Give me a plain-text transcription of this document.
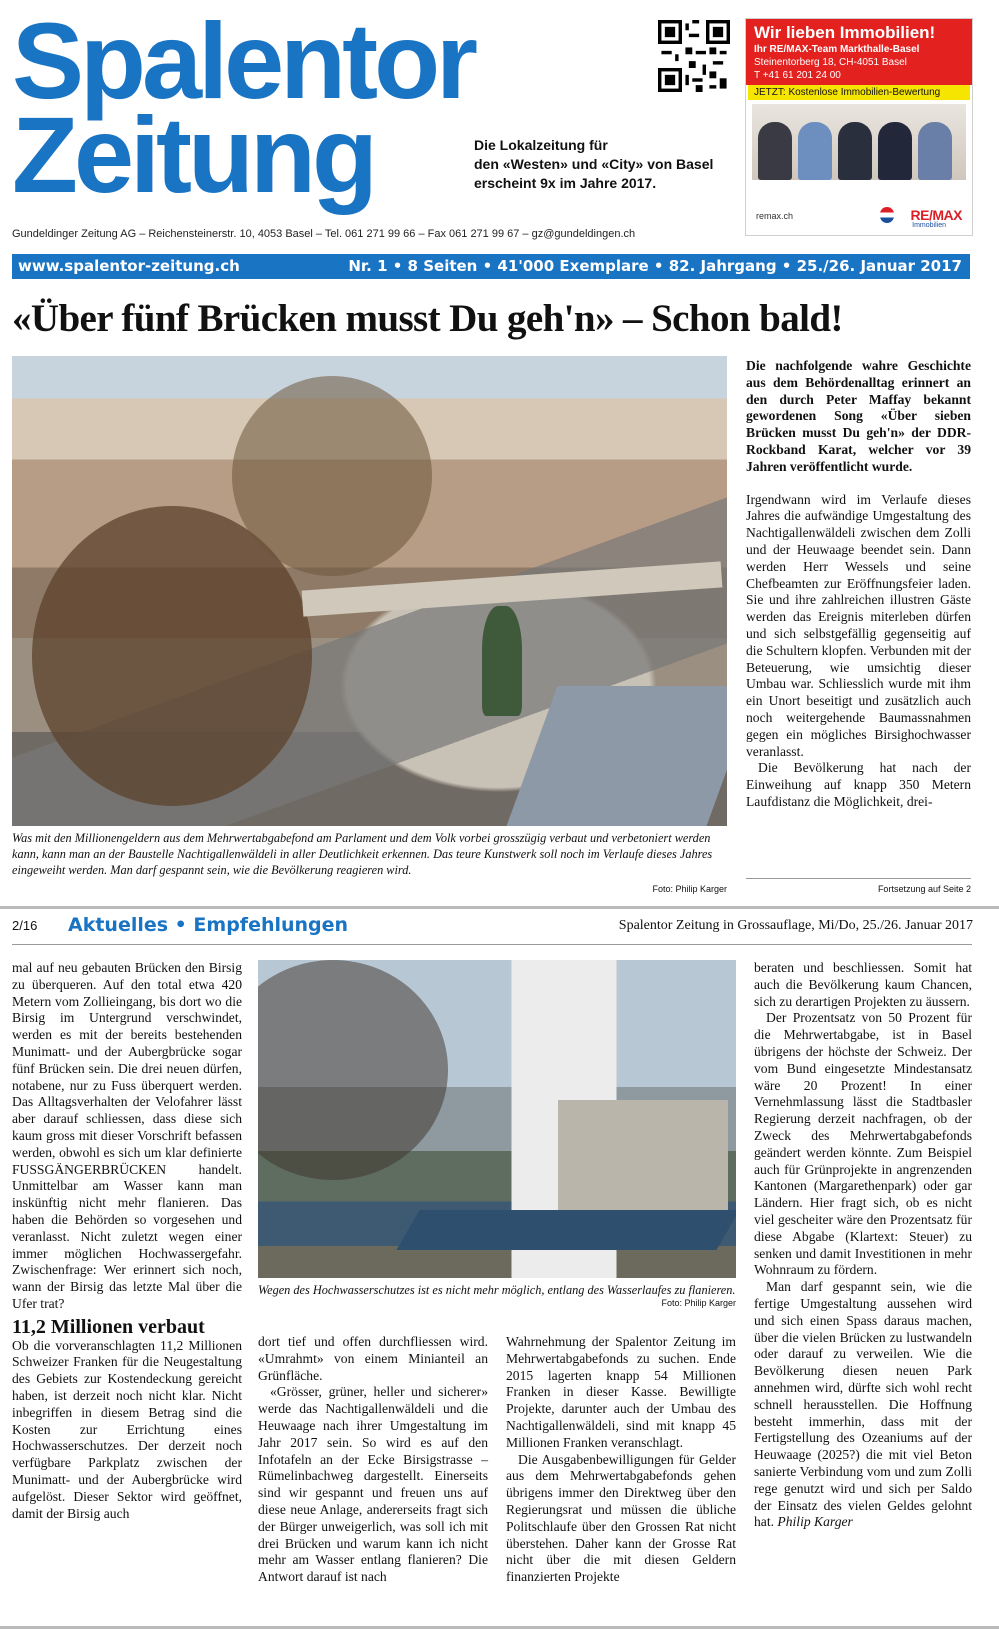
Spalentor
Zeitung	Die Lokalzeitung für
den «Westen» und «City» von Basel
erscheint 9x im Jahre 2017.
Wir lieben Immobilien!
Ihr RE/MAX-Team Markthalle-Basel
Steinentorberg 18, CH-4051 Basel
T +41 61 201 24 00
JETZT: Kostenlose Immobilien-Bewertung
remax.ch	RE/MAX
Immobilien
Gundeldinger Zeitung AG – Reichensteinerstr. 10, 4053 Basel – Tel. 061 271 99 66 – Fax 061 271 99 67 – gz@gundeldingen.ch
www.spalentor-zeitung.ch	Nr. 1 • 8 Seiten • 41'000 Exemplare • 82. Jahrgang • 25./26. Januar 2017
«Über fünf Brücken musst Du geh'n» – Schon bald!
Was mit den Millionengeldern aus dem Mehrwertabgabefond am Parlament und dem Volk vorbei grosszügig verbaut und verbetoniert werden kann, kann man an der Baustelle Nachtigallenwäldeli in aller Deutlichkeit erkennen. Das teure Kunstwerk soll noch im Verlaufe dieses Jahres eingeweiht werden. Man darf gespannt sein, wie die Bevölkerung reagieren wird.
Foto: Philip Karger

Die nachfolgende wahre Geschichte aus dem Behördenalltag erinnert an den durch Peter Maffay bekannt gewordenen Song «Über sieben Brücken musst Du geh'n» der DDR-Rockband Karat, welcher vor 39 Jahren veröffentlicht wurde.

Irgendwann wird im Verlaufe dieses Jahres die aufwändige Umgestaltung des Nachtigallenwäldeli zwischen dem Zolli und der Heuwaage beendet sein. Dann werden Herr Wessels und seine Chefbeamten zur Eröffnungsfeier laden. Sie und ihre zahlreichen illustren Gäste werden das Ereignis miterleben dürfen und sich selbstgefällig gegenseitig auf die Schultern klopfen. Verbunden mit der Beteuerung, wie umsichtig dieser Umbau war. Schliesslich wurde mit ihm ein Unort beseitigt und zusätzlich auch noch weitergehende Baumassnahmen gegen ein mögliches Birsighochwasser veranlasst.

Die Bevölkerung hat nach der Einweihung auf knapp 350 Metern Laufdistanz die Möglichkeit, drei-

Fortsetzung auf Seite 2
2/16 Aktuelles • Empfehlungen	Spalentor Zeitung in Grossauflage, Mi/Do, 25./26. Januar 2017

mal auf neu gebauten Brücken den Birsig zu überqueren. Auf den total etwa 420 Metern vom Zollieingang, bis dort wo die Birsig im Untergrund verschwindet, werden es mit der bereits bestehenden Munimatt- und der Aubergbrücke sogar fünf Brücken sein. Die drei neuen dürfen, notabene, nur zu Fuss überquert werden. Das Alltagsverhalten der Velofahrer lässt aber darauf schliessen, dass diese sich kaum gross mit dieser Vorschrift befassen werden, obwohl es sich um klar definierte FUSSGÄNGERBRÜCKEN handelt. Unmittelbar am Wasser kann man inskünftig nicht mehr flanieren. Das haben die Behörden so vorgesehen und veranlasst. Nicht zuletzt wegen einer immer möglichen Hochwassergefahr. Zwischenfrage: Wer erinnert sich noch, wann der Birsig das letzte Mal über die Ufer trat?

11,2 Millionen verbaut

Ob die vorveranschlagten 11,2 Millionen Schweizer Franken für die Neugestaltung des Gebiets zur Kostendeckung gereicht haben, ist derzeit noch nicht klar. Nicht inbegriffen in diesem Betrag sind die Kosten zur Errichtung eines Hochwasserschutzes. Der derzeit noch verfügbare Parkplatz zwischen der Munimatt- und der Aubergbrücke wird aufgelöst. Dieser Sektor wird geöffnet, damit der Birsig auch

Wegen des Hochwasserschutzes ist es nicht mehr möglich, entlang des Wasserlaufes zu flanieren.
Foto: Philip Karger

dort tief und offen durchfliessen wird. «Umrahmt» von einem Minianteil an Grünfläche.

«Grösser, grüner, heller und sicherer» werde das Nachtigallenwäldeli und die Heuwaage nach ihrer Umgestaltung im Jahr 2017 sein. So wird es auf den Infotafeln an der Ecke Birsigstrasse – Rümelinbachweg dargestellt. Einerseits sind wir gespannt und freuen uns auf diese neue Anlage, andererseits fragt sich der Bürger unweigerlich, was soll ich mit drei Brücken und warum kann ich nicht mehr am Wasser entlang flanieren? Die Antwort darauf ist nach

Wahrnehmung der Spalentor Zeitung im Mehrwertabgabefonds zu suchen. Ende 2015 lagerten knapp 54 Millionen Franken in dieser Kasse. Bewilligte Projekte, darunter auch der Umbau des Nachtigallenwäldeli, sind mit knapp 45 Millionen Franken veranschlagt.

Die Ausgabenbewilligungen für Gelder aus dem Mehrwertabgabefonds gehen übrigens immer den Direktweg über den Regierungsrat und müssen die übliche Politschlaufe über den Grossen Rat nicht überstehen. Daher kann der Grosse Rat nicht über die mit diesen Geldern finanzierten Projekte

beraten und beschliessen. Somit hat auch die Bevölkerung kaum Chancen, sich zu derartigen Projekten zu äussern.

Der Prozentsatz von 50 Prozent für die Mehrwertabgabe, ist in Basel übrigens der höchste der Schweiz. Der vom Bund eingesetzte Mindestansatz wäre 20 Prozent! In einer Vernehmlassung lässt die Stadtbasler Regierung derzeit nachfragen, ob der Zweck des Mehrwertabgabefonds geändert werden könnte. Zum Beispiel auch für Grünprojekte in angrenzenden Kantonen (Margarethenpark) oder gar Ländern. Hier fragt sich, ob es nicht viel gescheiter wäre den Prozentsatz für diese Abgabe (Klartext: Steuer) zu senken und damit Investitionen in mehr Wohnraum zu fördern.

Man darf gespannt sein, wie die fertige Umgestaltung aussehen wird und sich einen Spass daraus machen, über die vielen Brücken zu lustwandeln oder darauf zu verweilen. Wie die Bevölkerung diesen neuen Park annehmen wird, dürfte sich wohl recht schnell herausstellen. Die Hoffnung besteht immerhin, dass mit der Fertigstellung des Ozeaniums auf der Heuwaage (2025?) die mit viel Beton sanierte Verbindung vom und zum Zolli rege genutzt wird und sich per Saldo der Einsatz des vielen Geldes gelohnt hat. Philip Karger
